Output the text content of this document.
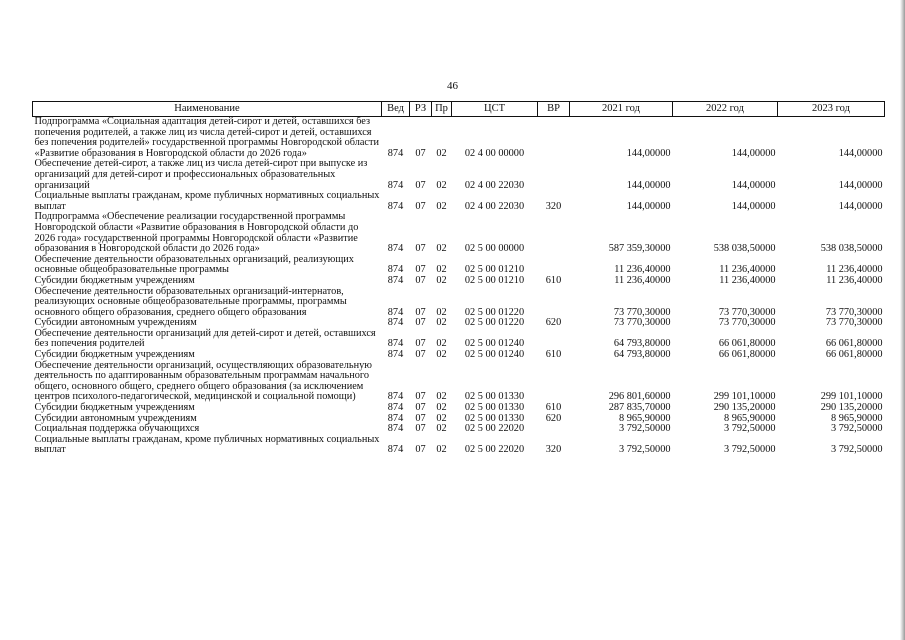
46
Наименование	Вед	РЗ	Пр	ЦСТ	ВР	2021 год	2022 год	2023 год
Подпрограмма «Социальная адаптация детей-сирот и детей, оставшихся без попечения родителей, а также лиц из числа детей-сирот и детей, оставшихся без попечения родителей» государственной программы Новгородской области «Развитие образования в Новгородской области до 2026 года»	874	07	02	02 4 00 00000		144,00000	144,00000	144,00000
Обеспечение детей-сирот, а также лиц из числа детей-сирот при выпуске из организаций для детей-сирот и профессиональных образовательных организаций	874	07	02	02 4 00 22030		144,00000	144,00000	144,00000
Социальные выплаты гражданам, кроме публичных нормативных социальных выплат	874	07	02	02 4 00 22030	320	144,00000	144,00000	144,00000
Подпрограмма «Обеспечение реализации государственной программы Новгородской области «Развитие образования в Новгородской области до 2026 года» государственной программы Новгородской области «Развитие образования в Новгородской области до 2026 года»	874	07	02	02 5 00 00000		587 359,30000	538 038,50000	538 038,50000
Обеспечение деятельности образовательных организаций, реализующих основные общеобразовательные программы	874	07	02	02 5 00 01210		11 236,40000	11 236,40000	11 236,40000
Субсидии бюджетным учреждениям	874	07	02	02 5 00 01210	610	11 236,40000	11 236,40000	11 236,40000
Обеспечение деятельности образовательных организаций-интернатов, реализующих основные общеобразовательные программы, программы основного общего образования, среднего общего образования	874	07	02	02 5 00 01220		73 770,30000	73 770,30000	73 770,30000
Субсидии автономным учреждениям	874	07	02	02 5 00 01220	620	73 770,30000	73 770,30000	73 770,30000
Обеспечение деятельности организаций для детей-сирот и детей, оставшихся без попечения родителей	874	07	02	02 5 00 01240		64 793,80000	66 061,80000	66 061,80000
Субсидии бюджетным учреждениям	874	07	02	02 5 00 01240	610	64 793,80000	66 061,80000	66 061,80000
Обеспечение деятельности организаций, осуществляющих образовательную деятельность по адаптированным образовательным программам начального общего, основного общего, среднего общего образования (за исключением центров психолого-педагогической, медицинской и социальной помощи)	874	07	02	02 5 00 01330		296 801,60000	299 101,10000	299 101,10000
Субсидии бюджетным учреждениям	874	07	02	02 5 00 01330	610	287 835,70000	290 135,20000	290 135,20000
Субсидии автономным учреждениям	874	07	02	02 5 00 01330	620	8 965,90000	8 965,90000	8 965,90000
Социальная поддержка обучающихся	874	07	02	02 5 00 22020		3 792,50000	3 792,50000	3 792,50000
Социальные выплаты гражданам, кроме публичных нормативных социальных выплат	874	07	02	02 5 00 22020	320	3 792,50000	3 792,50000	3 792,50000
